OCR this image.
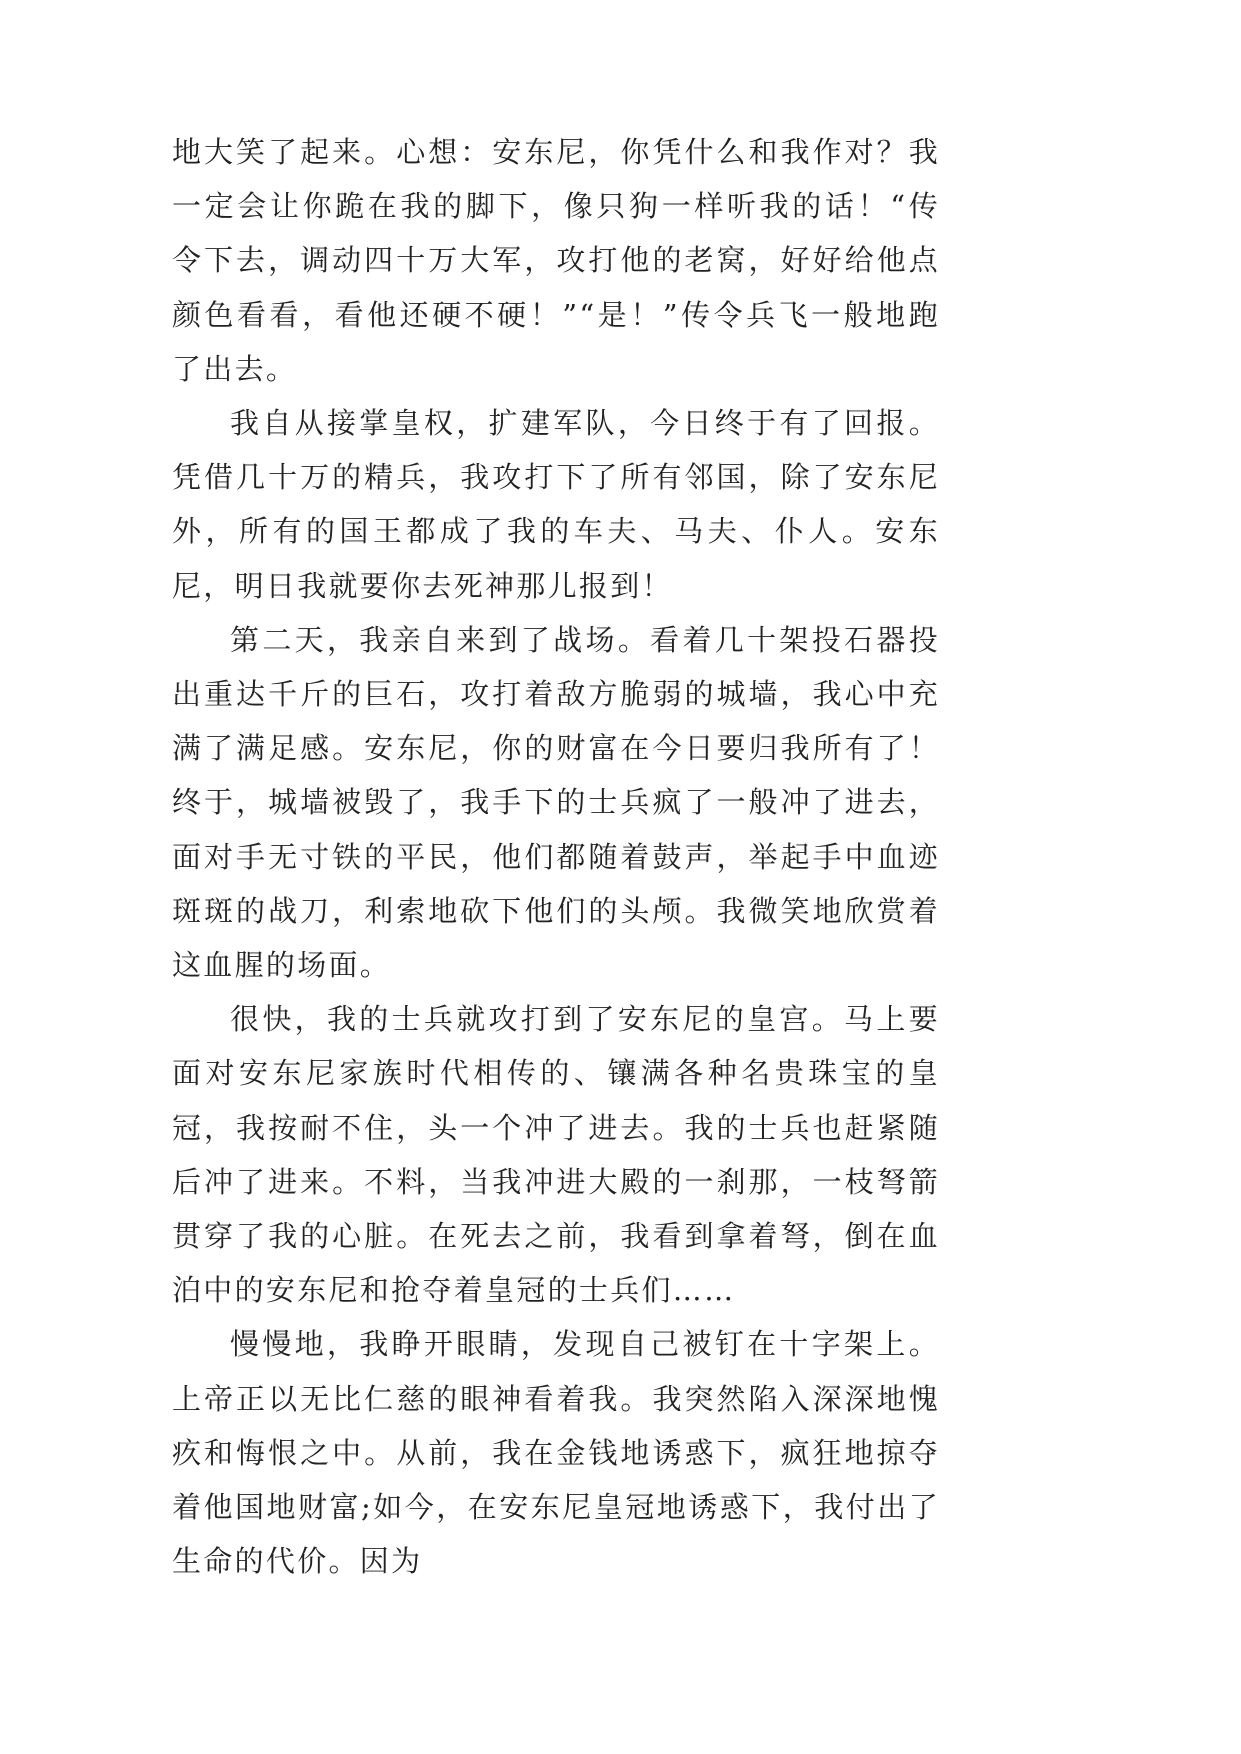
地大笑了起来。心想：安东尼，你凭什么和我作对？我一定会让你跪在我的脚下，像只狗一样听我的话！“传令下去，调动四十万大军，攻打他的老窝，好好给他点颜色看看，看他还硬不硬！”“是！”传令兵飞一般地跑了出去。

我自从接掌皇权，扩建军队，今日终于有了回报。凭借几十万的精兵，我攻打下了所有邻国，除了安东尼外，所有的国王都成了我的车夫、马夫、仆人。安东尼，明日我就要你去死神那儿报到！

第二天，我亲自来到了战场。看着几十架投石器投出重达千斤的巨石，攻打着敌方脆弱的城墙，我心中充满了满足感。安东尼，你的财富在今日要归我所有了！终于，城墙被毁了，我手下的士兵疯了一般冲了进去，面对手无寸铁的平民，他们都随着鼓声，举起手中血迹斑斑的战刀，利索地砍下他们的头颅。我微笑地欣赏着这血腥的场面。

很快，我的士兵就攻打到了安东尼的皇宫。马上要面对安东尼家族时代相传的、镶满各种名贵珠宝的皇冠，我按耐不住，头一个冲了进去。我的士兵也赶紧随后冲了进来。不料，当我冲进大殿的一刹那，一枝弩箭贯穿了我的心脏。在死去之前，我看到拿着弩，倒在血泊中的安东尼和抢夺着皇冠的士兵们……

慢慢地，我睁开眼睛，发现自己被钉在十字架上。上帝正以无比仁慈的眼神看着我。我突然陷入深深地愧疚和悔恨之中。从前，我在金钱地诱惑下，疯狂地掠夺着他国地财富;如今，在安东尼皇冠地诱惑下，我付出了生命的代价。因为
